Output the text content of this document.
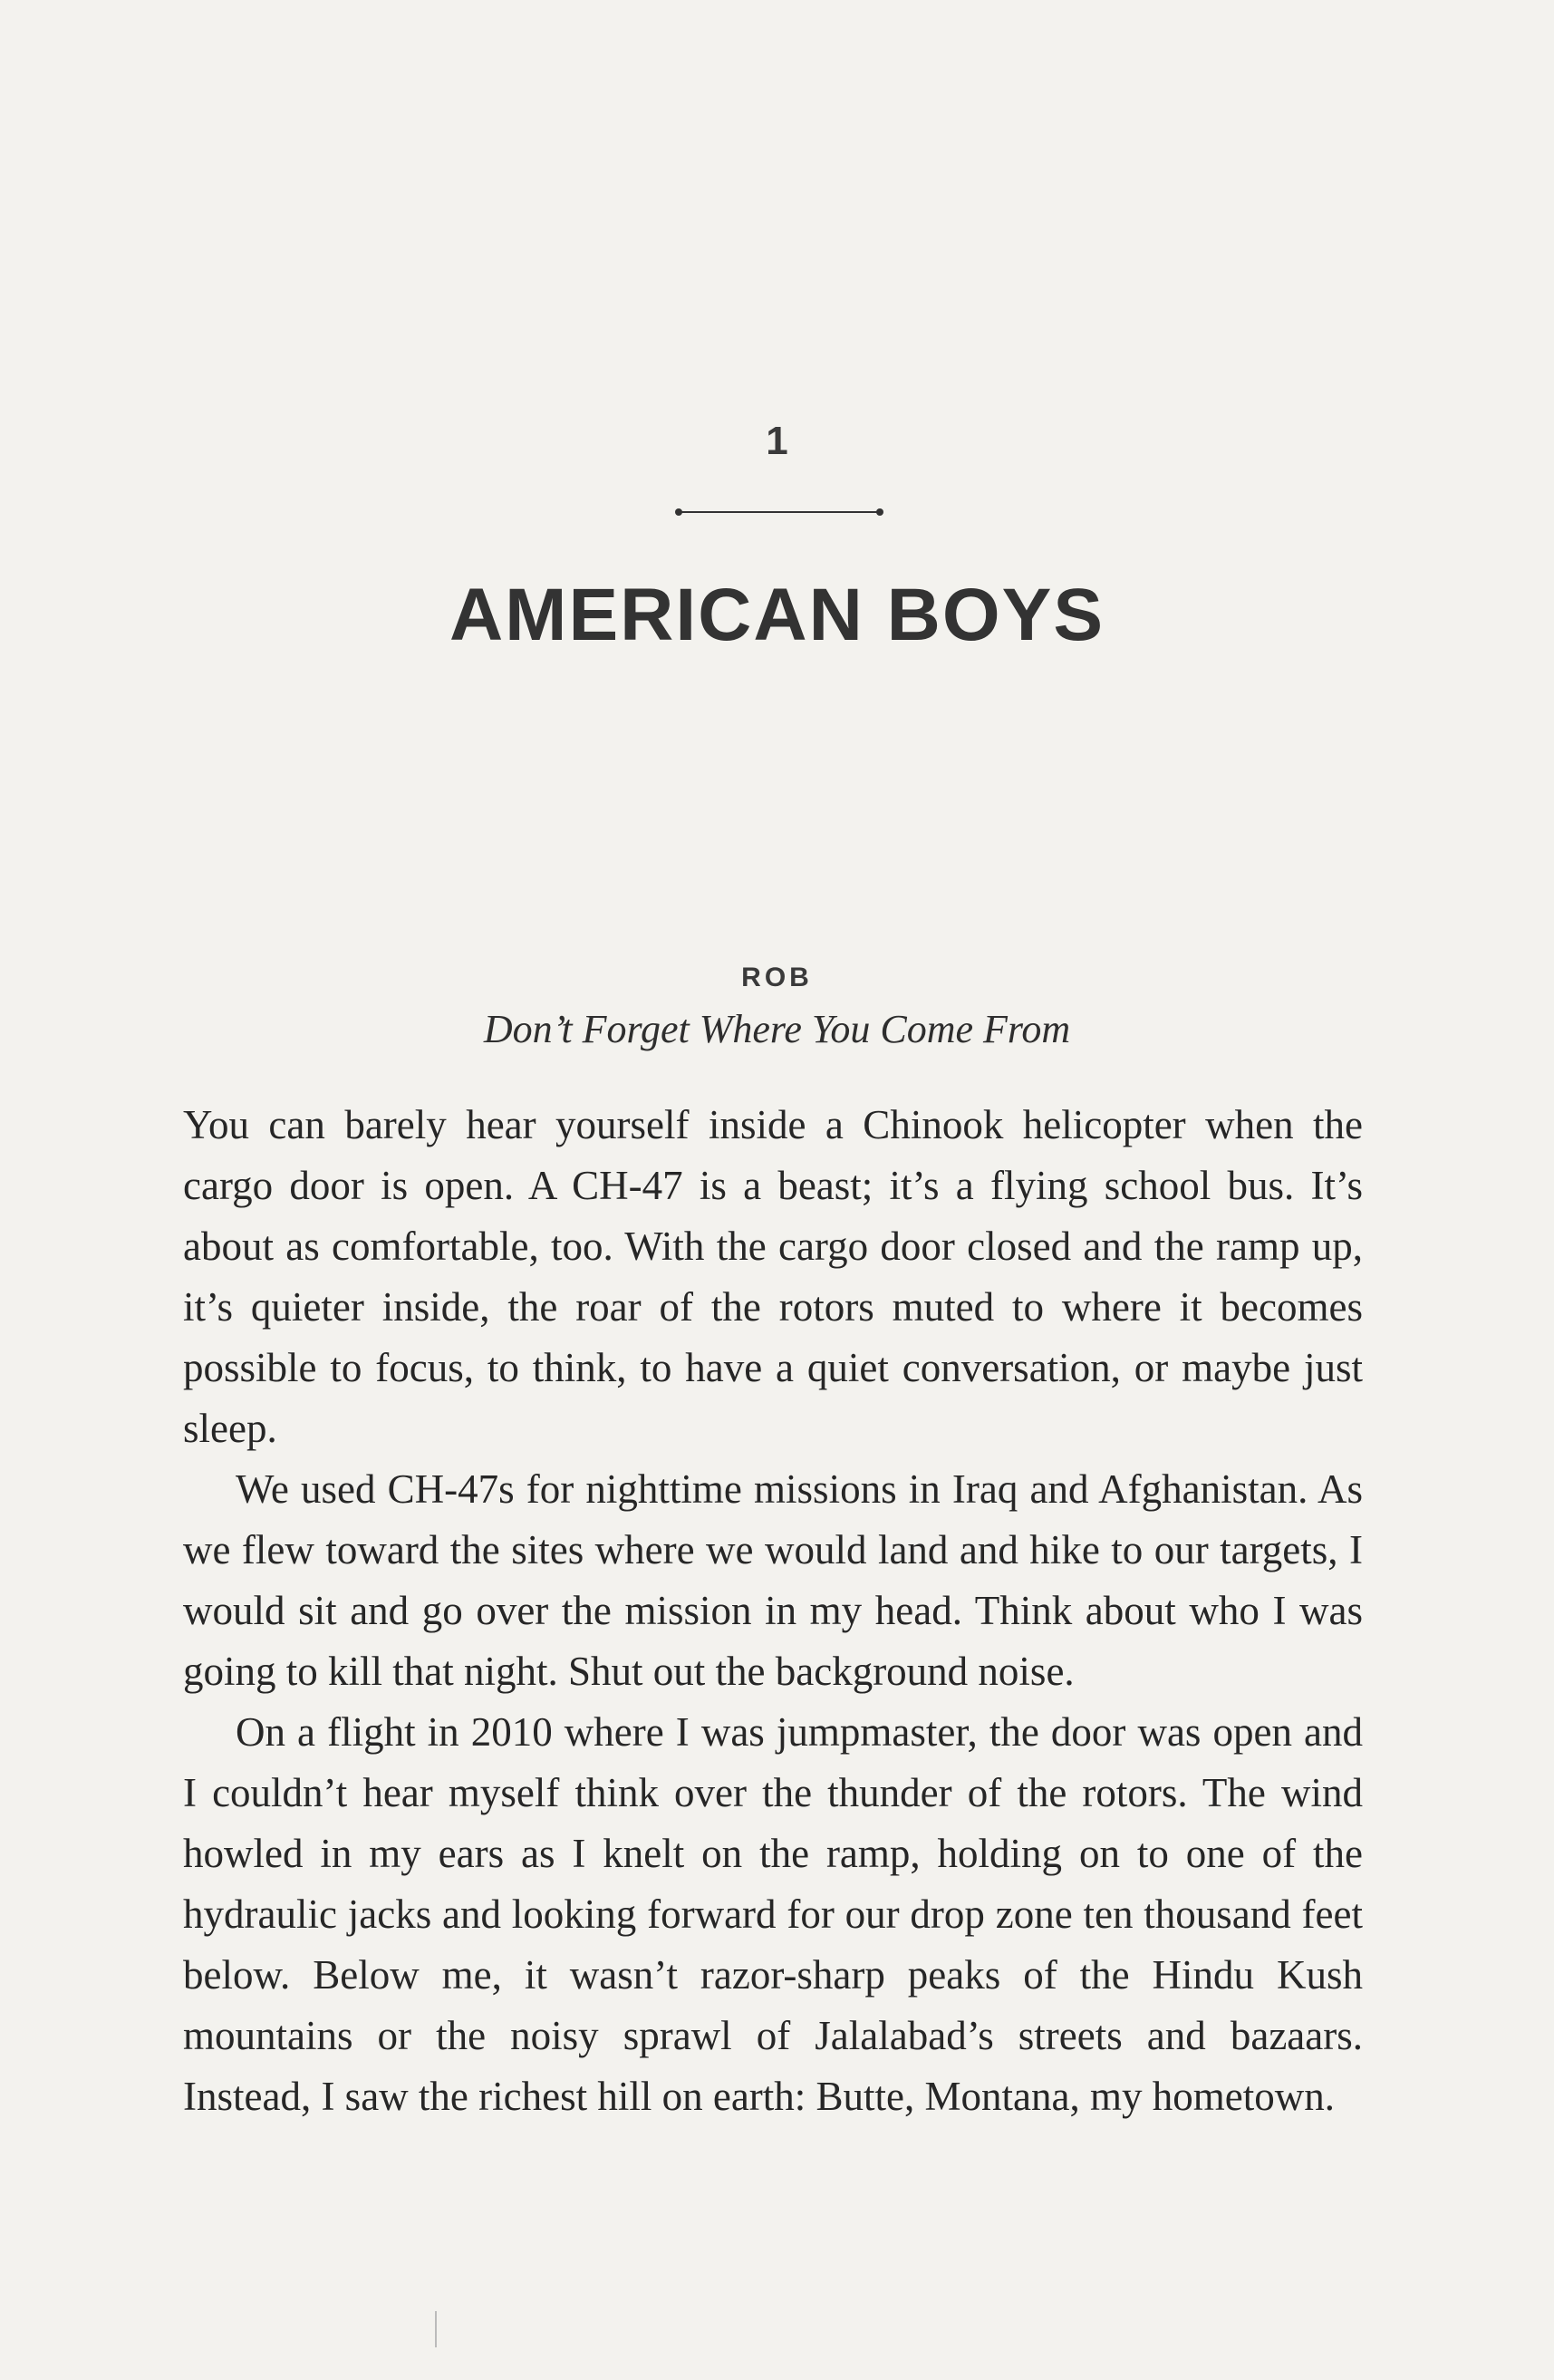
1
AMERICAN BOYS
ROB
Don’t Forget Where You Come From

You can barely hear yourself inside a Chinook helicopter when the cargo door is open. A CH-47 is a beast; it’s a flying school bus. It’s about as comfortable, too. With the cargo door closed and the ramp up, it’s quieter inside, the roar of the rotors muted to where it becomes possible to focus, to think, to have a quiet conversation, or maybe just sleep.

We used CH-47s for nighttime missions in Iraq and Afghanistan. As we flew toward the sites where we would land and hike to our targets, I would sit and go over the mission in my head. Think about who I was going to kill that night. Shut out the background noise.

On a flight in 2010 where I was jumpmaster, the door was open and I couldn’t hear myself think over the thunder of the rotors. The wind howled in my ears as I knelt on the ramp, holding on to one of the hydraulic jacks and looking forward for our drop zone ten thousand feet below. Below me, it wasn’t razor-sharp peaks of the Hindu Kush mountains or the noisy sprawl of Jalalabad’s streets and bazaars. Instead, I saw the richest hill on earth: Butte, Montana, my hometown.
